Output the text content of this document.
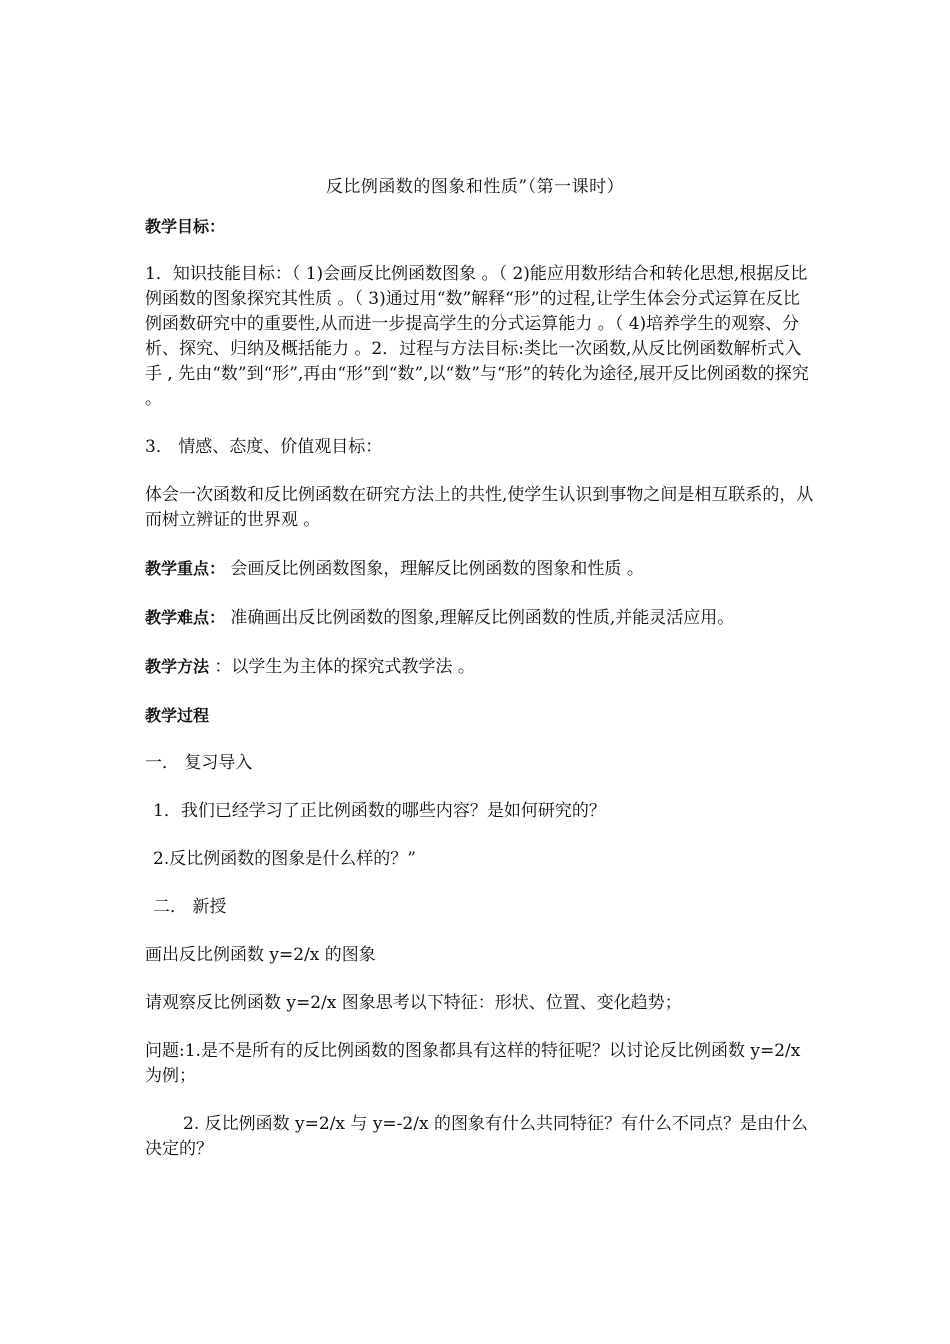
反比例函数的图象和性质”（第一课时）

教学目标：

1．知识技能目标：（ 1)会画反比例函数图象 。（ 2)能应用数形结合和转化思想,根据反比例函数的图象探究其性质 。（ 3)通过用“数”解释“形”的过程,让学生体会分式运算在反比例函数研究中的重要性,从而进一步提高学生的分式运算能力 。（ 4)培养学生的观察、分析、探究、归纳及概括能力 。2．过程与方法目标:类比一次函数,从反比例函数解析式入手 , 先由“数”到“形”,再由“形”到“数”,以“数”与“形”的转化为途径,展开反比例函数的探究 。

3． 情感、态度、价值观目标：

体会一次函数和反比例函数在研究方法上的共性,使学生认识到事物之间是相互联系的，从而树立辨证的世界观 。

教学重点： 会画反比例函数图象，理解反比例函数的图象和性质 。

教学难点： 准确画出反比例函数的图象,理解反比例函数的性质,并能灵活应用。

教学方法 ：以学生为主体的探究式教学法 。

教学过程

一． 复习导入

1．我们已经学习了正比例函数的哪些内容？是如何研究的？

2.反比例函数的图象是什么样的？”

二． 新授

画出反比例函数 y=2/x 的图象

请观察反比例函数 y=2/x 图象思考以下特征：形状、位置、变化趋势；

问题:1.是不是所有的反比例函数的图象都具有这样的特征呢？以讨论反比例函数 y=2/x 为例；

2. 反比例函数 y=2/x 与 y=-2/x 的图象有什么共同特征？有什么不同点？是由什么决定的？
